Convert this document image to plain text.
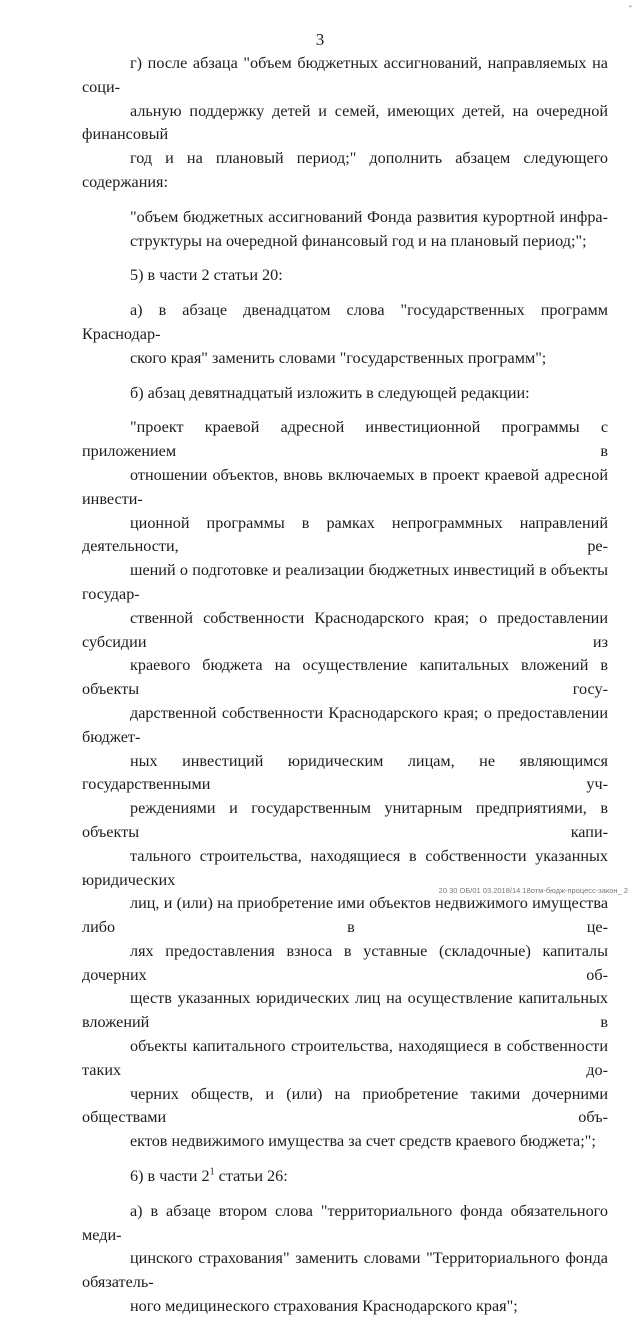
*
3

г) после абзаца "объем бюджетных ассигнований, направляемых на соци-
альную поддержку детей и семей, имеющих детей, на очередной финансовый
год и на плановый период;" дополнить абзацем следующего содержания:

"объем бюджетных ассигнований Фонда развития курортной инфра-
структуры на очередной финансовый год и на плановый период;";

5) в части 2 статьи 20:

а) в абзаце двенадцатом слова "государственных программ Краснодар-
ского края" заменить словами "государственных программ";

б) абзац девятнадцатый изложить в следующей редакции:

"проект краевой адресной инвестиционной программы с приложением в
отношении объектов, вновь включаемых в проект краевой адресной инвести-
ционной программы в рамках непрограммных направлений деятельности, ре-
шений о подготовке и реализации бюджетных инвестиций в объекты государ-
ственной собственности Краснодарского края; о предоставлении субсидии из
краевого бюджета на осуществление капитальных вложений в объекты госу-
дарственной собственности Краснодарского края; о предоставлении бюджет-
ных инвестиций юридическим лицам, не являющимся государственными уч-
реждениями и государственным унитарным предприятиями, в объекты капи-
тального строительства, находящиеся в собственности указанных юридических
лиц, и (или) на приобретение ими объектов недвижимого имущества либо в це-
лях предоставления взноса в уставные (складочные) капиталы дочерних об-
ществ указанных юридических лиц на осуществление капитальных вложений в
объекты капитального строительства, находящиеся в собственности таких до-
черних обществ, и (или) на приобретение такими дочерними обществами объ-
ектов недвижимого имущества за счет средств краевого бюджета;";

6) в части $2^1$ статьи 26:

а) в абзаце втором слова "территориального фонда обязательного меди-
цинского страхования" заменить словами "Территориального фонда обязатель-
ного медицинеского страхования Краснодарского края";

20 30 ОБ/01 03.2018/14 18отм-бюдж-процесс-закон_ 2
